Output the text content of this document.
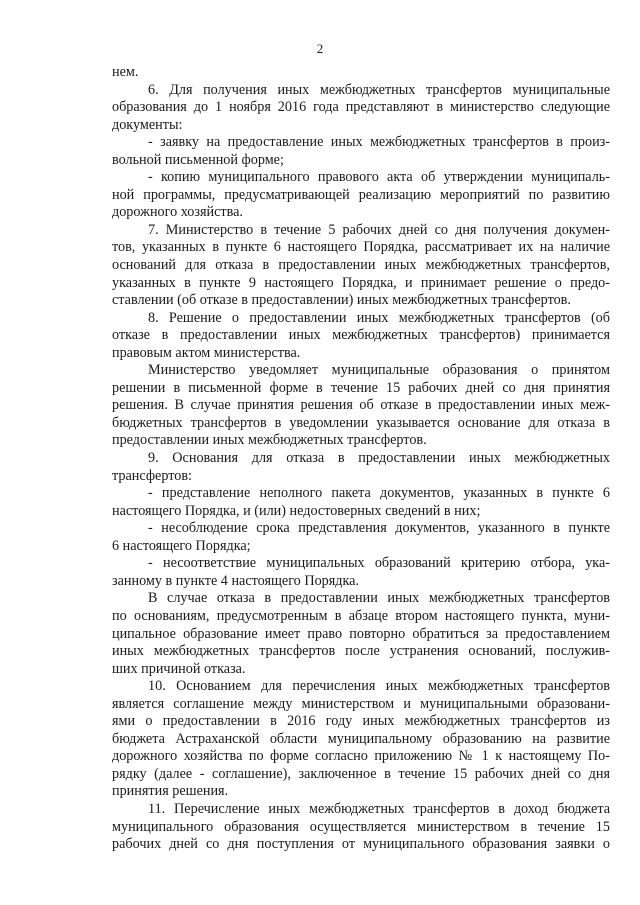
2
нем.
6. Для получения иных межбюджетных трансфертов муниципальные
образования до 1 ноября 2016 года представляют в министерство следующие
документы:
- заявку на предоставление иных межбюджетных трансфертов в произ-
вольной письменной форме;
- копию муниципального правового акта об утверждении муниципаль-
ной программы, предусматривающей реализацию мероприятий по развитию
дорожного хозяйства.
7. Министерство в течение 5 рабочих дней со дня получения докумен-
тов, указанных в пункте 6 настоящего Порядка, рассматривает их на наличие
оснований для отказа в предоставлении иных межбюджетных трансфертов,
указанных в пункте 9 настоящего Порядка, и принимает решение о предо-
ставлении (об отказе в предоставлении) иных межбюджетных трансфертов.
8. Решение о предоставлении иных межбюджетных трансфертов (об
отказе в предоставлении иных межбюджетных трансфертов) принимается
правовым актом министерства.
Министерство уведомляет муниципальные образования о принятом
решении в письменной форме в течение 15 рабочих дней со дня принятия
решения. В случае принятия решения об отказе в предоставлении иных меж-
бюджетных трансфертов в уведомлении указывается основание для отказа в
предоставлении иных межбюджетных трансфертов.
9. Основания для отказа в предоставлении иных межбюджетных
трансфертов:
- представление неполного пакета документов, указанных в пункте 6
настоящего Порядка, и (или) недостоверных сведений в них;
- несоблюдение срока представления документов, указанного в пункте
6 настоящего Порядка;
- несоответствие муниципальных образований критерию отбора, ука-
занному в пункте 4 настоящего Порядка.
В случае отказа в предоставлении иных межбюджетных трансфертов
по основаниям, предусмотренным в абзаце втором настоящего пункта, муни-
ципальное образование имеет право повторно обратиться за предоставлением
иных межбюджетных трансфертов после устранения оснований, послужив-
ших причиной отказа.
10. Основанием для перечисления иных межбюджетных трансфертов
является соглашение между министерством и муниципальными образовани-
ями о предоставлении в 2016 году иных межбюджетных трансфертов из
бюджета Астраханской области муниципальному образованию на развитие
дорожного хозяйства по форме согласно приложению № 1 к настоящему По-
рядку (далее - соглашение), заключенное в течение 15 рабочих дней со дня
принятия решения.
11. Перечисление иных межбюджетных трансфертов в доход бюджета
муниципального образования осуществляется министерством в течение 15
рабочих дней со дня поступления от муниципального образования заявки о
